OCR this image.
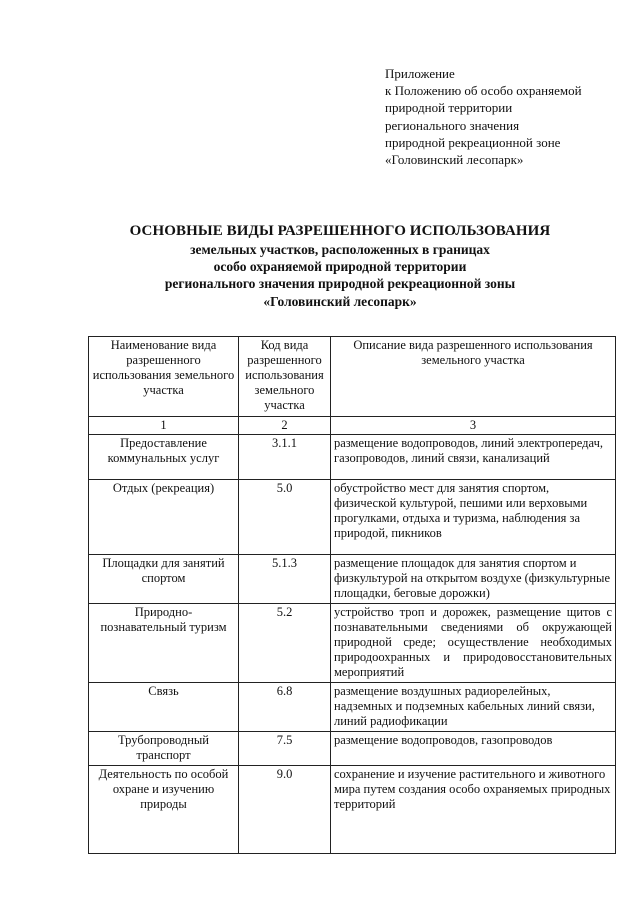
Приложение
к Положению об особо охраняемой
природной территории
регионального значения
природной рекреационной зоне
«Головинский лесопарк»
ОСНОВНЫЕ ВИДЫ РАЗРЕШЕННОГО ИСПОЛЬЗОВАНИЯ
земельных участков, расположенных в границах
особо охраняемой природной территории
регионального значения природной рекреационной зоны
«Головинский лесопарк»
Наименование вида разрешенного использования земельного участка	Код вида разрешенного использования земельного участка	Описание вида разрешенного использования земельного участка
1	2	3
Предоставление коммунальных услуг	3.1.1	размещение водопроводов, линий электропередач, газопроводов, линий связи, канализаций
Отдых (рекреация)	5.0	обустройство мест для занятия спортом, физической культурой, пешими или верховыми прогулками, отдыха и туризма, наблюдения за природой, пикников
Площадки для занятий спортом	5.1.3	размещение площадок для занятия спортом и физкультурой на открытом воздухе (физкультурные площадки, беговые дорожки)
Природно-познавательный туризм	5.2	устройство троп и дорожек, размещение щитов с познавательными сведениями об окружающей природной среде; осуществление необходимых природоохранных и природовосстановительных мероприятий
Связь	6.8	размещение воздушных радиорелейных, надземных и подземных кабельных линий связи, линий радиофикации
Трубопроводный транспорт	7.5	размещение водопроводов, газопроводов
Деятельность по особой охране и изучению природы	9.0	сохранение и изучение растительного и животного мира путем создания особо охраняемых природных территорий
